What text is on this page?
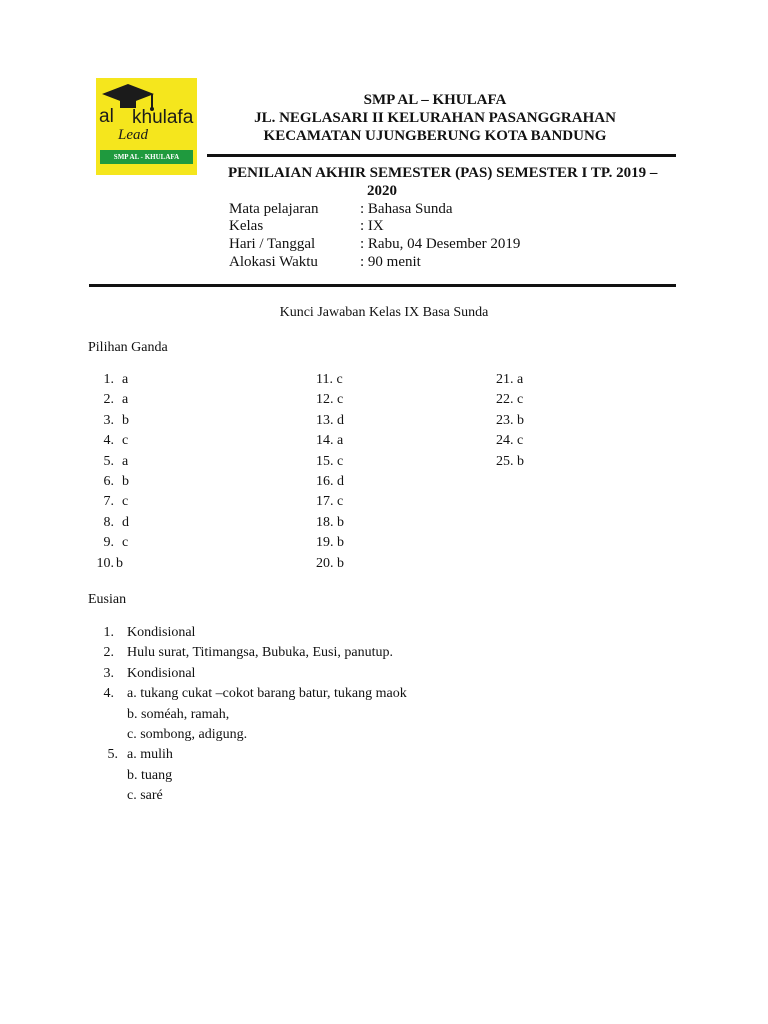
al khulafa
Lead
SMP AL - KHULAFA
SMP AL – KHULAFA
JL. NEGLASARI II KELURAHAN PASANGGRAHAN
KECAMATAN UJUNGBERUNG KOTA BANDUNG
PENILAIAN AKHIR SEMESTER (PAS) SEMESTER I TP. 2019 –
2020
Mata pelajaran	: Bahasa Sunda
Kelas	: IX
Hari / Tanggal	: Rabu, 04 Desember 2019
Alokasi Waktu	: 90 menit
Kunci Jawaban Kelas IX Basa Sunda
Pilihan Ganda
1. a
2. a
3. b
4. c
5. a
6. b
7. c
8. d
9. c
10. b
11. c
12. c
13. d
14. a
15. c
16. d
17. c
18. b
19. b
20. b
21. a
22. c
23. b
24. c
25. b
Eusian
1. Kondisional
2. Hulu surat, Titimangsa, Bubuka, Eusi, panutup.
3. Kondisional
4. a. tukang cukat –cokot barang batur, tukang maok
b. soméah, ramah,
c. sombong, adigung.
5. a. mulih
b. tuang
c. saré
